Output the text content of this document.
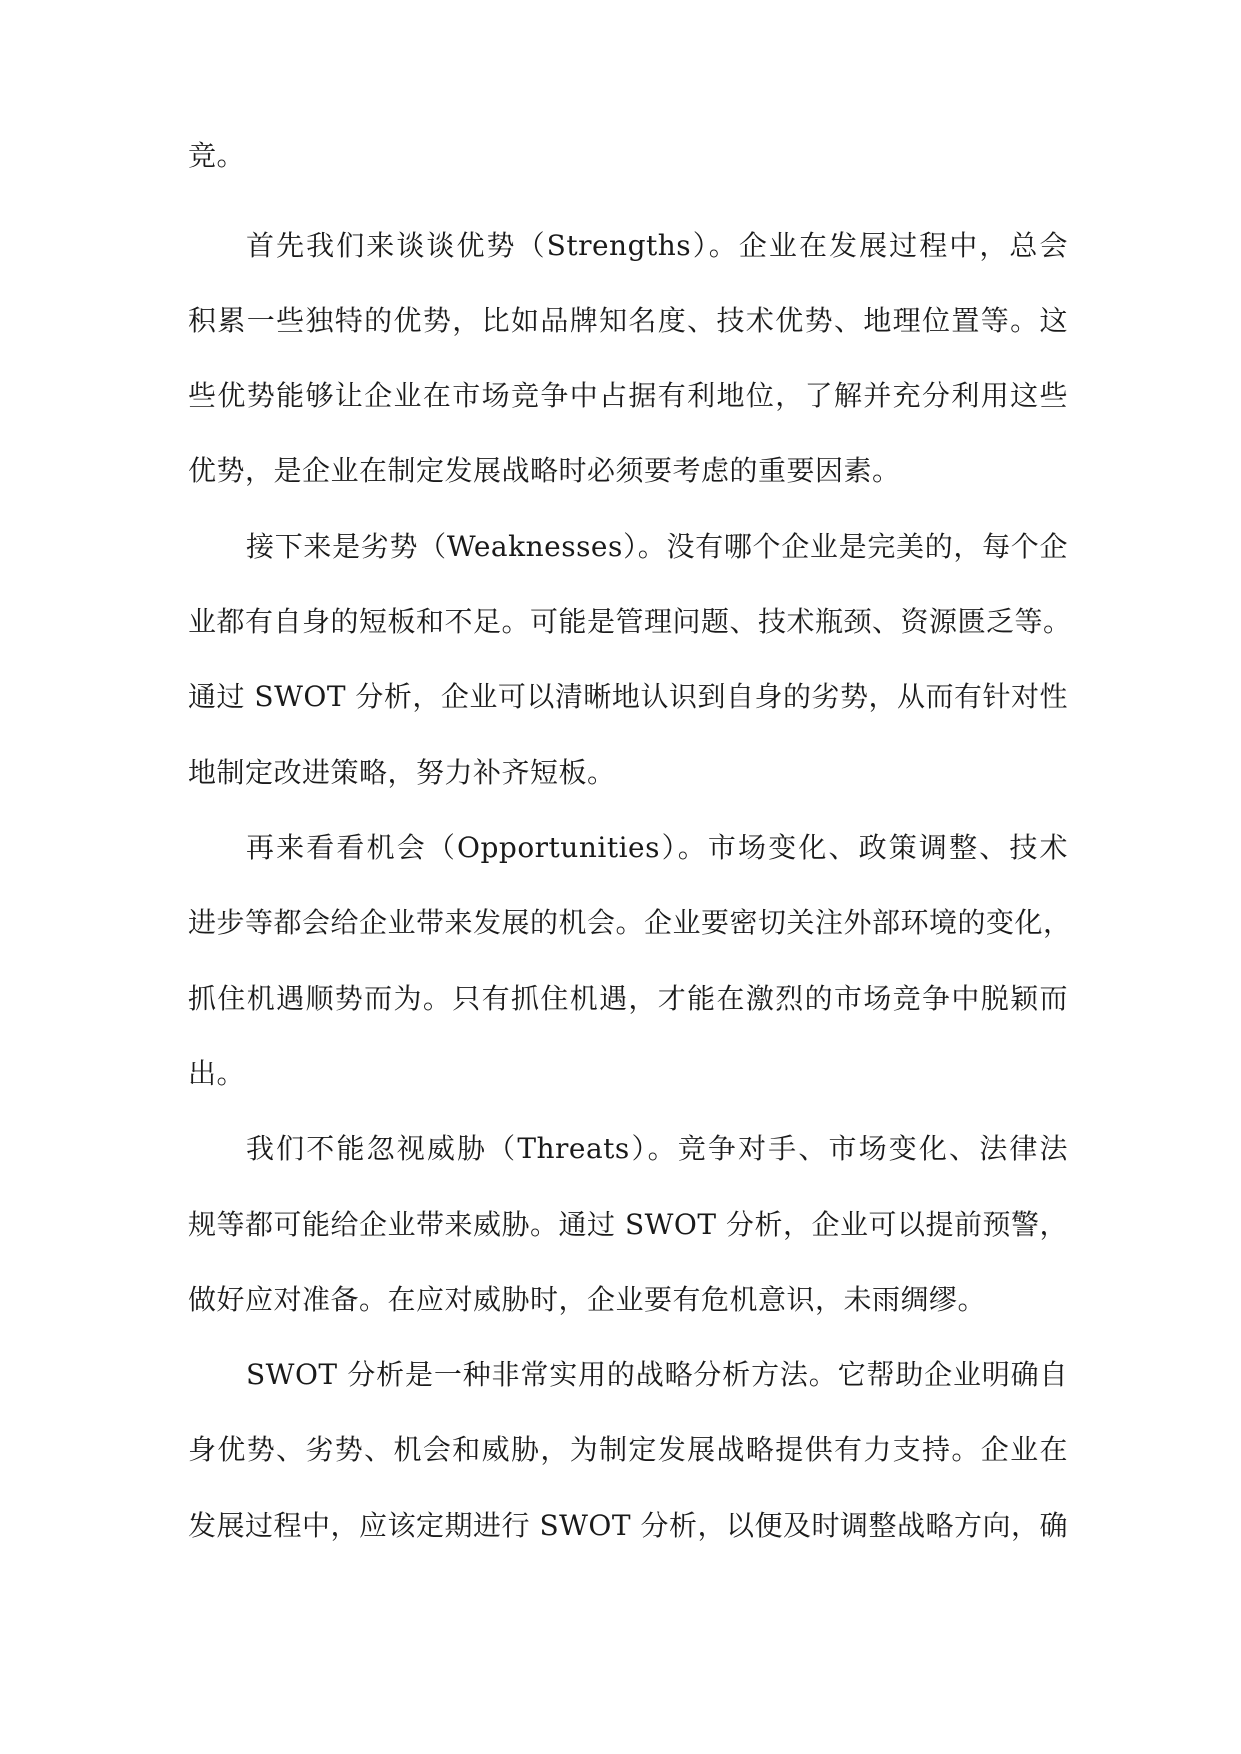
竞。

首先我们来谈谈优势（Strengths）。企业在发展过程中，总会

积累一些独特的优势，比如品牌知名度、技术优势、地理位置等。这

些优势能够让企业在市场竞争中占据有利地位，了解并充分利用这些

优势，是企业在制定发展战略时必须要考虑的重要因素。

接下来是劣势（Weaknesses）。没有哪个企业是完美的，每个企

业都有自身的短板和不足。可能是管理问题、技术瓶颈、资源匮乏等。

通过 SWOT 分析，企业可以清晰地认识到自身的劣势，从而有针对性

地制定改进策略，努力补齐短板。

再来看看机会（Opportunities）。市场变化、政策调整、技术

进步等都会给企业带来发展的机会。企业要密切关注外部环境的变化，

抓住机遇顺势而为。只有抓住机遇，才能在激烈的市场竞争中脱颖而

出。

我们不能忽视威胁（Threats）。竞争对手、市场变化、法律法

规等都可能给企业带来威胁。通过 SWOT 分析，企业可以提前预警，

做好应对准备。在应对威胁时，企业要有危机意识，未雨绸缪。

SWOT 分析是一种非常实用的战略分析方法。它帮助企业明确自

身优势、劣势、机会和威胁，为制定发展战略提供有力支持。企业在

发展过程中，应该定期进行 SWOT 分析，以便及时调整战略方向，确
